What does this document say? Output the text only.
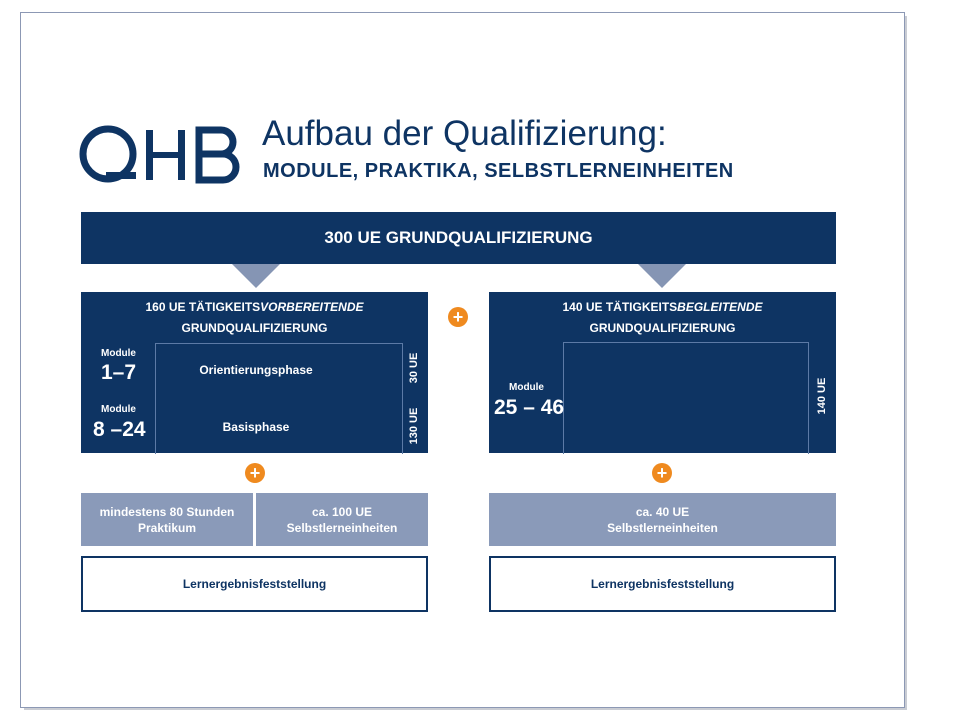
Aufbau der Qualifizierung:
MODULE, PRAKTIKA, SELBSTLERNEINHEITEN
300 UE GRUNDQUALIFIZIERUNG
160 UE TÄTIGKEITSVORBEREITENDE
GRUNDQUALIFIZIERUNG
Module
1–7	Orientierungsphase	30 UE
Module
8 –24	Basisphase	130 UE
140 UE TÄTIGKEITSBEGLEITENDE
GRUNDQUALIFIZIERUNG
Module
25 – 46	140 UE
+
+	+
mindestens 80 Stunden
Praktikum
ca. 100 UE
Selbstlerneinheiten
ca. 40 UE
Selbstlerneinheiten
Lernergebnisfeststellung	Lernergebnisfeststellung
